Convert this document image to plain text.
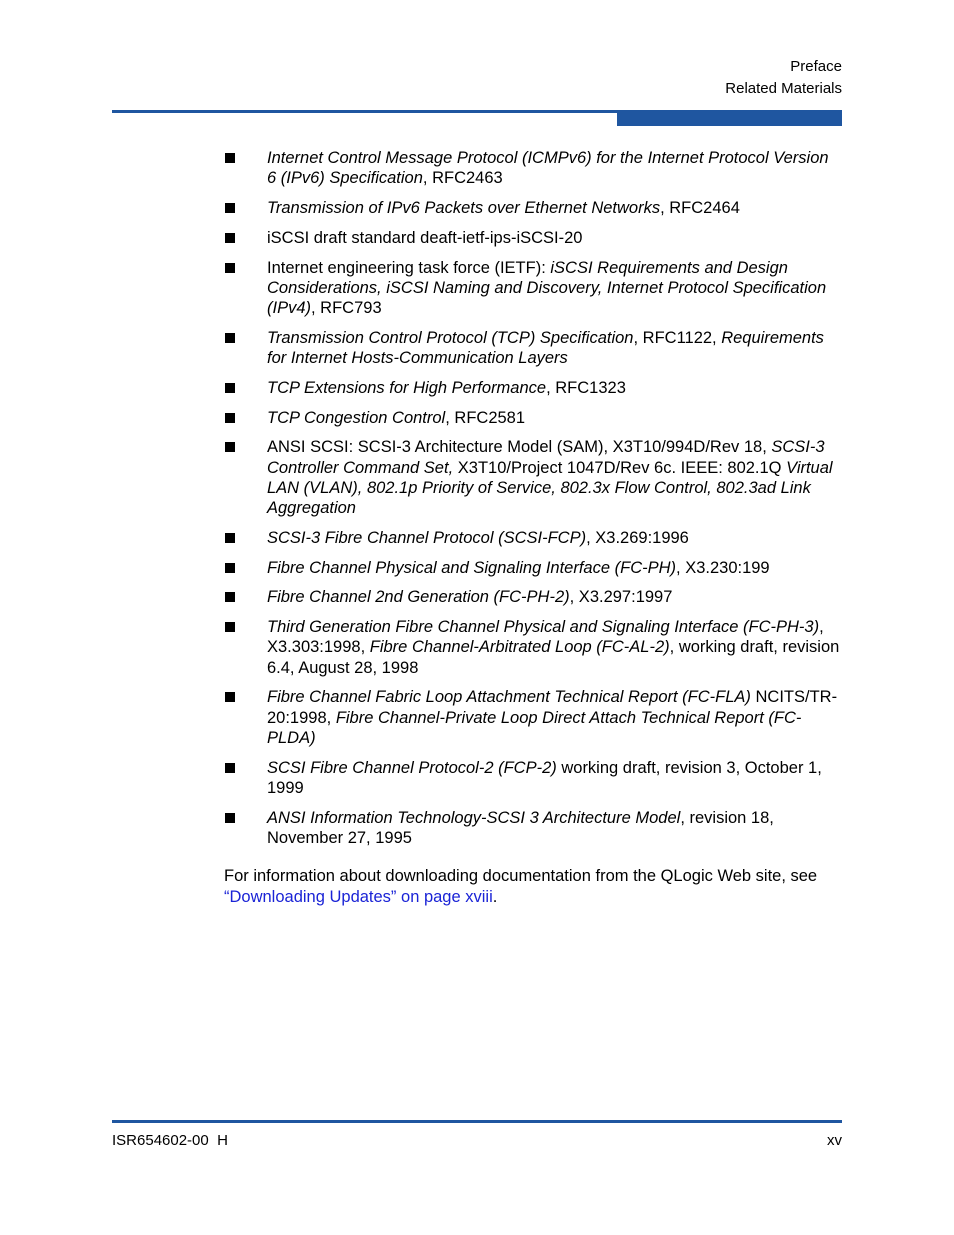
Preface
Related Materials
Internet Control Message Protocol (ICMPv6) for the Internet Protocol Version 6 (IPv6) Specification, RFC2463
Transmission of IPv6 Packets over Ethernet Networks, RFC2464
iSCSI draft standard deaft-ietf-ips-iSCSI-20
Internet engineering task force (IETF): iSCSI Requirements and Design Considerations, iSCSI Naming and Discovery, Internet Protocol Specification (IPv4), RFC793
Transmission Control Protocol (TCP) Specification, RFC1122, Requirements for Internet Hosts-Communication Layers
TCP Extensions for High Performance, RFC1323
TCP Congestion Control, RFC2581
ANSI SCSI: SCSI-3 Architecture Model (SAM), X3T10/994D/Rev 18, SCSI-3 Controller Command Set, X3T10/Project 1047D/Rev 6c. IEEE: 802.1Q Virtual LAN (VLAN), 802.1p Priority of Service, 802.3x Flow Control, 802.3ad Link Aggregation
SCSI-3 Fibre Channel Protocol (SCSI-FCP), X3.269:1996
Fibre Channel Physical and Signaling Interface (FC-PH), X3.230:199
Fibre Channel 2nd Generation (FC-PH-2), X3.297:1997
Third Generation Fibre Channel Physical and Signaling Interface (FC-PH-3), X3.303:1998, Fibre Channel-Arbitrated Loop (FC-AL-2), working draft, revision 6.4, August 28, 1998
Fibre Channel Fabric Loop Attachment Technical Report (FC-FLA) NCITS/TR-20:1998, Fibre Channel-Private Loop Direct Attach Technical Report (FC-PLDA)
SCSI Fibre Channel Protocol-2 (FCP-2) working draft, revision 3, October 1, 1999
ANSI Information Technology-SCSI 3 Architecture Model, revision 18, November 27, 1995

For information about downloading documentation from the QLogic Web site, see “Downloading Updates” on page xviii.

ISR654602-00  H	xv
